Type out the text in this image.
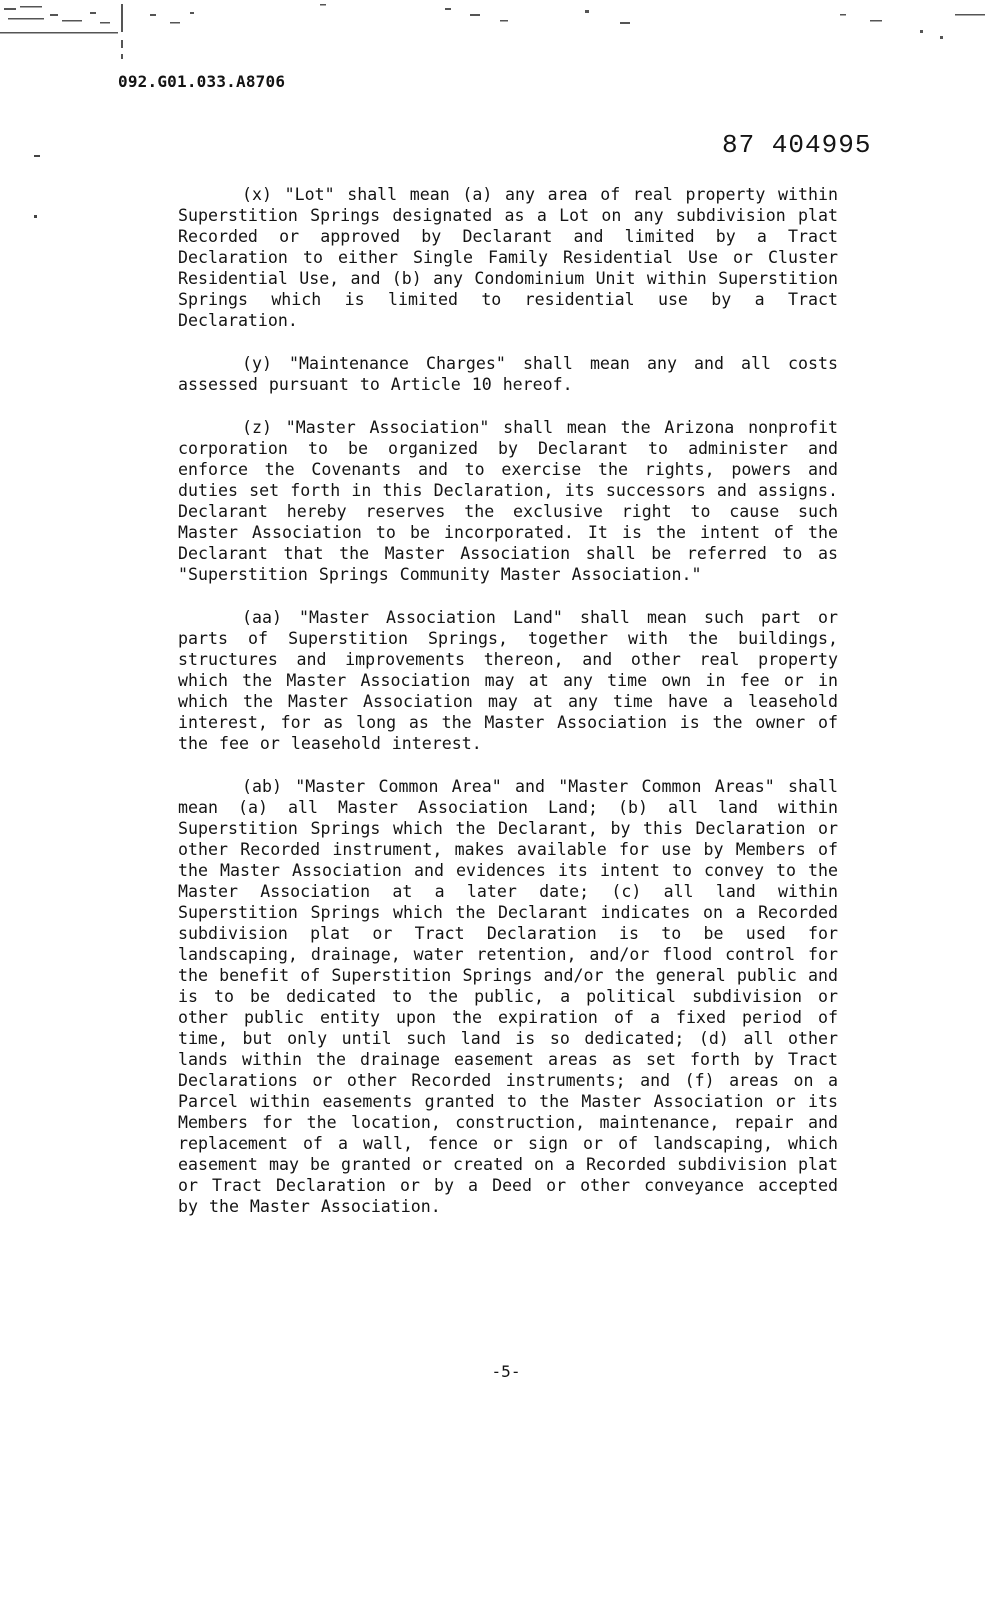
092.G01.033.A8706
87 404995

(x) "Lot" shall mean (a) any area of real property within Superstition Springs designated as a Lot on any subdivision plat Recorded or approved by Declarant and limited by a Tract Declaration to either Single Family Residential Use or Cluster Residential Use, and (b) any Condominium Unit within Superstition Springs which is limited to residential use by a Tract Declaration.

(y) "Maintenance Charges" shall mean any and all costs assessed pursuant to Article 10 hereof.

(z) "Master Association" shall mean the Arizona nonprofit corporation to be organized by Declarant to administer and enforce the Covenants and to exercise the rights, powers and duties set forth in this Declaration, its successors and assigns. Declarant hereby reserves the exclusive right to cause such Master Association to be incorporated. It is the intent of the Declarant that the Master Association shall be referred to as "Superstition Springs Community Master Association."

(aa) "Master Association Land" shall mean such part or parts of Superstition Springs, together with the buildings, structures and improvements thereon, and other real property which the Master Association may at any time own in fee or in which the Master Association may at any time have a leasehold interest, for as long as the Master Association is the owner of the fee or leasehold interest.

(ab) "Master Common Area" and "Master Common Areas" shall mean (a) all Master Association Land; (b) all land within Superstition Springs which the Declarant, by this Declaration or other Recorded instrument, makes available for use by Members of the Master Association and evidences its intent to convey to the Master Association at a later date; (c) all land within Superstition Springs which the Declarant indicates on a Recorded subdivision plat or Tract Declaration is to be used for landscaping, drainage, water retention, and/or flood control for the benefit of Superstition Springs and/or the general public and is to be dedicated to the public, a political subdivision or other public entity upon the expiration of a fixed period of time, but only until such land is so dedicated; (d) all other lands within the drainage easement areas as set forth by Tract Declarations or other Recorded instruments; and (f) areas on a Parcel within easements granted to the Master Association or its Members for the location, construction, maintenance, repair and replacement of a wall, fence or sign or of landscaping, which easement may be granted or created on a Recorded subdivision plat or Tract Declaration or by a Deed or other conveyance accepted by the Master Association.

-5-
